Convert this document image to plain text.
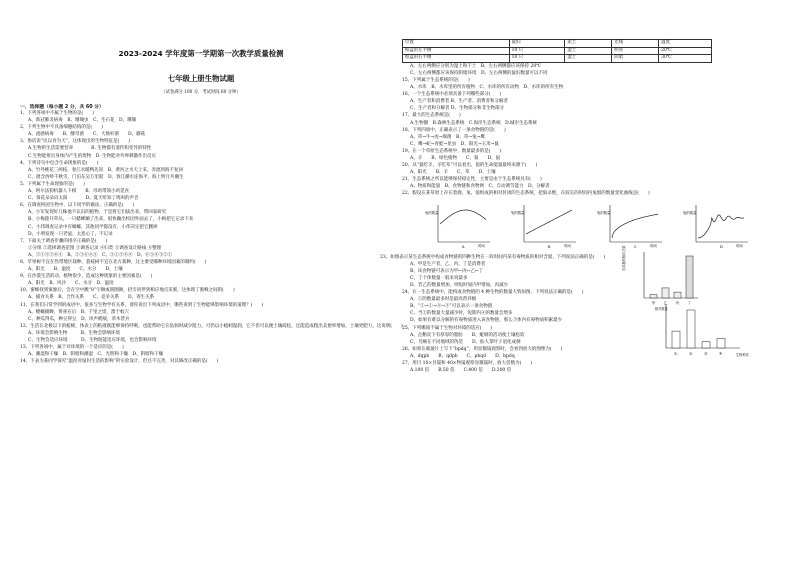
2023-2024 学年度第一学期第一次教学质量检测
七年级上册生物试题
（试卷满分 100 分，考试时间 60 分钟）
一、选择题（每小题 2 分，共 60 分）
1、下列各项中不属于生物的是(　　)
A、新冠肺炎病毒　B、珊瑚虫　C、生石花　D、珊瑚
2、下列生物中不具备细胞结构的是(　　)
A、流感病毒　　B、酵母菌　　C、大肠杆菌　　D、蘑菇
3、俗话说“民以食为天”，这体现出的生物特征是(　　)
A.生物的生活需要营养　　　　B. 生物都有遗传和变异的特性
C.生物能排出身体内产生的废物　D. 生物能对外界刺激作出反应
4、下列诗句中包含生命现象的是(　　)
A、竹外桃花三两枝，春江水暖鸭先知　B、黄河之水天上来，奔流到海不复回
C、窗含西岭千秋雪，门泊东吴万里船　D、春江潮水连海平，海上明月共潮生
5、下列属于生命现象的是(　　)
A、阿尔法狗机器人下棋　　B、母鸡带领小鸡觅食
C、葵花朵朵向太阳　　　　D、夏天听知了鸣叫的声音
6、在调查校园生物中，以下同学的做法，正确的是(　　)
A、小军发现好几株他不认识的植物，于是将它们拔出来，带回家研究
B、小梅拨开草丛，一只蟋蟀蹦了出来，很快蹦出校园外面去了，小梅把它记录下来
C、小伟调查记录中有蟑螂，其他同学都没有，小伟决定把它删掉
D、小明发现一只老鼠，太恶心了，不记录
7、下面关于调查步骤的排序正确的是(　　)
①分组 ②选择调查范围 ③调查记录 ④归类 ⑤调查设计路线 ⑥整理
A、②①⑤③⑥④　B、②③⑥④⑤　C、⑤①③⑥④　D、⑥⑤④③②①
8、苹果树不宜在热带地区栽种，荔枝树不宜在北方栽种，这主要受哪种环境因素的制约(　　)
A、阳光　　B、温度　　C、水分　　D、土壤
9、在沙漠生活的动、植物很少，造成这种现象的主要因素是(　　)
A、阳光　B、风沙　　C、水分　D、温度
10、蜜蜂找到蜜源后，会在空中跳“8”字舞或圆圈舞，招引同伴到相应地点采蜜，这体现了蜜蜂之间的(　　)
A、捕食关系　B、合作关系　　C、竞争关系　　D、寄生关系
11、在我们日常学到的成语中，很多与生物学有关系，请你说出下列成语中，哪些说明了生物能够影响环境的道理？(　　)
A、螳螂捕蝉，黄雀在后　B、千里之堤，溃于蚁穴
C、种瓜得瓜，种豆得豆　D、风声鹤唳，草木皆兵
12、生活在北极以下的蚯蚓，体表上的粘液既能够保持呼吸，也能帮助它在钻洞时减少阻力，可仍以小蚯蚓湿润，它不但可以便土壤疏松，还能造成粗出美便率增加，土壤更肥力。这说明(　　)
A、环境会影响生物　　　B、生物会影响环境
C、生物会适应环境　　　D、生物既能适应环境，也会影响环境
13、下列各项中，属于对环境的一个适应的是(　　)
A、潮湿和干燥　B、阴暗和潮湿　C、光明和干燥　D、阴暗和干燥
14、下表为某同学探究“温度对鼠妇生活的影响”的实验设计，但还不完善，对其修改正确的是(　　)
位置	鼠妇	泥土	光线	温度
纸盒的左半侧	10 只	湿土	明亮	20℃
纸盒的右半侧	10 只	湿土	阴暗	30℃
A、左右两侧应分别为湿土和干土　B、左右两侧都应该保持 20℃
C、左右两侧都应该保持阴暗环境　D、左右两侧的鼠妇数量可以不同
15、下列属于生态系统的是(　　)
A、水库　B、水库里的所有植物　C、水库的所有动物　D、水库的所有生物
16、一个生态系统中必须具备下列哪些部分(　　)
A、生产者和消费者 B、生产者、消费者和分解者
C、生产者和分解者 D、生物部分和非生物部分
17、最大的生态系统是(　　)
A.生物圈　B.森林生态系统　C.海洋生态系统　D.城市生态系统
18、下列四项中，正确表示了一条食物链的是(　　)
A、草→牛→虎→细菌　B、草→兔→鹰
C、鹰→蛇→青蛙→昆虫　D、阳光→玉米→鼠
19、在一个草原生态系统中，数量最多的是(　　)
A、羊　　B、绿色植物　　C、狼　　D、鼠
20、从“狼吃羊，羊吃草”可以看出，狼的生命能量最终来源于(　　)
A、阳光　　B、羊　　C、草　　D、土壤
21、生态系统之所以能够保持稳定性，主要是由于生态系统具有(　　)
A、物质和能量　B、食物链和食物网　C、自动调节能力　D、分解者
22、假设在某草原上存在着鹿、兔、狼组成的相对封闭的生态系统，把狼杀绝，在较长的时间内兔群的数量变化曲线是(　　)
兔的数量
时间
A
兔的数量
时间
B
兔的数量
时间
C
兔的数量
时间
D
23、如图表示某生态系统中构成食物链的四种生物在一段时间内某有毒物质的相对含量，下列说法正确的是(　　)
A、甲是生产者，乙、丙、丁是消费者
B、该食物链可表示为甲←丙←乙←丁
C、丁个体数量一般来说最多
D、若乙的数量增加，则短时间内甲增加，丙减少
24、在一生态系统中，能构成食物链的 4 种生物的数量大致如图，下列说法正确的是(　　)
A、①的数量最多时是最高营养级
B、“②→①→④→③”可以表示一条食物链
C、当①的数量大量减少时，短期内④的数量会增多
D、如果有难以分解的有毒物质进入该食物链，那么③体内有毒物质积累最少
25、下列哪项不属于生物对环境的适应(　　)
A、企鹅皮下有厚厚的脂肪　　B、蚯蚓的活动使土壤松软
C、乌贼在不同地域的伪装　　D、仙人掌叶子退化成刺
26、如果在载玻片上写下“bpdq”，用显微镜观察时，会看到放大的图像为(　　)
A、dqpb　　B、qdpb　　C、pbqd　　D、bpdq
27、用目 10×目镜和 40×物镜观察显微镜时，放大倍数为(　　)
A.100 倍　　B.50 倍　　C.400 倍　　D.200 倍
有毒物质相对含量
甲 乙 丙 丁
相对数量
生物种类
①	②	③	④
